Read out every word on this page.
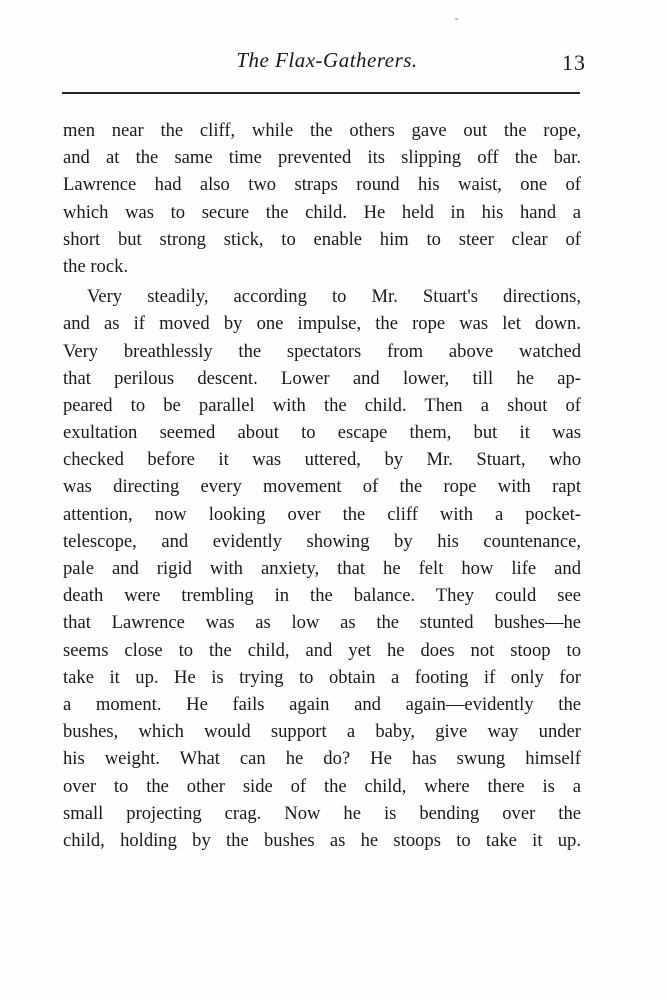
The Flax-Gatherers.	13
men near the cliff, while the others gave out the rope,
and at the same time prevented its slipping off the bar.
Lawrence had also two straps round his waist, one of
which was to secure the child. He held in his hand a
short but strong stick, to enable him to steer clear of
the rock.
Very steadily, according to Mr. Stuart's directions,
and as if moved by one impulse, the rope was let down.
Very breathlessly the spectators from above watched
that perilous descent. Lower and lower, till he ap-
peared to be parallel with the child. Then a shout of
exultation seemed about to escape them, but it was
checked before it was uttered, by Mr. Stuart, who
was directing every movement of the rope with rapt
attention, now looking over the cliff with a pocket-
telescope, and evidently showing by his countenance,
pale and rigid with anxiety, that he felt how life and
death were trembling in the balance. They could see
that Lawrence was as low as the stunted bushes—he
seems close to the child, and yet he does not stoop to
take it up. He is trying to obtain a footing if only for
a moment. He fails again and again—evidently the
bushes, which would support a baby, give way under
his weight. What can he do? He has swung himself
over to the other side of the child, where there is a
small projecting crag. Now he is bending over the
child, holding by the bushes as he stoops to take it up.
